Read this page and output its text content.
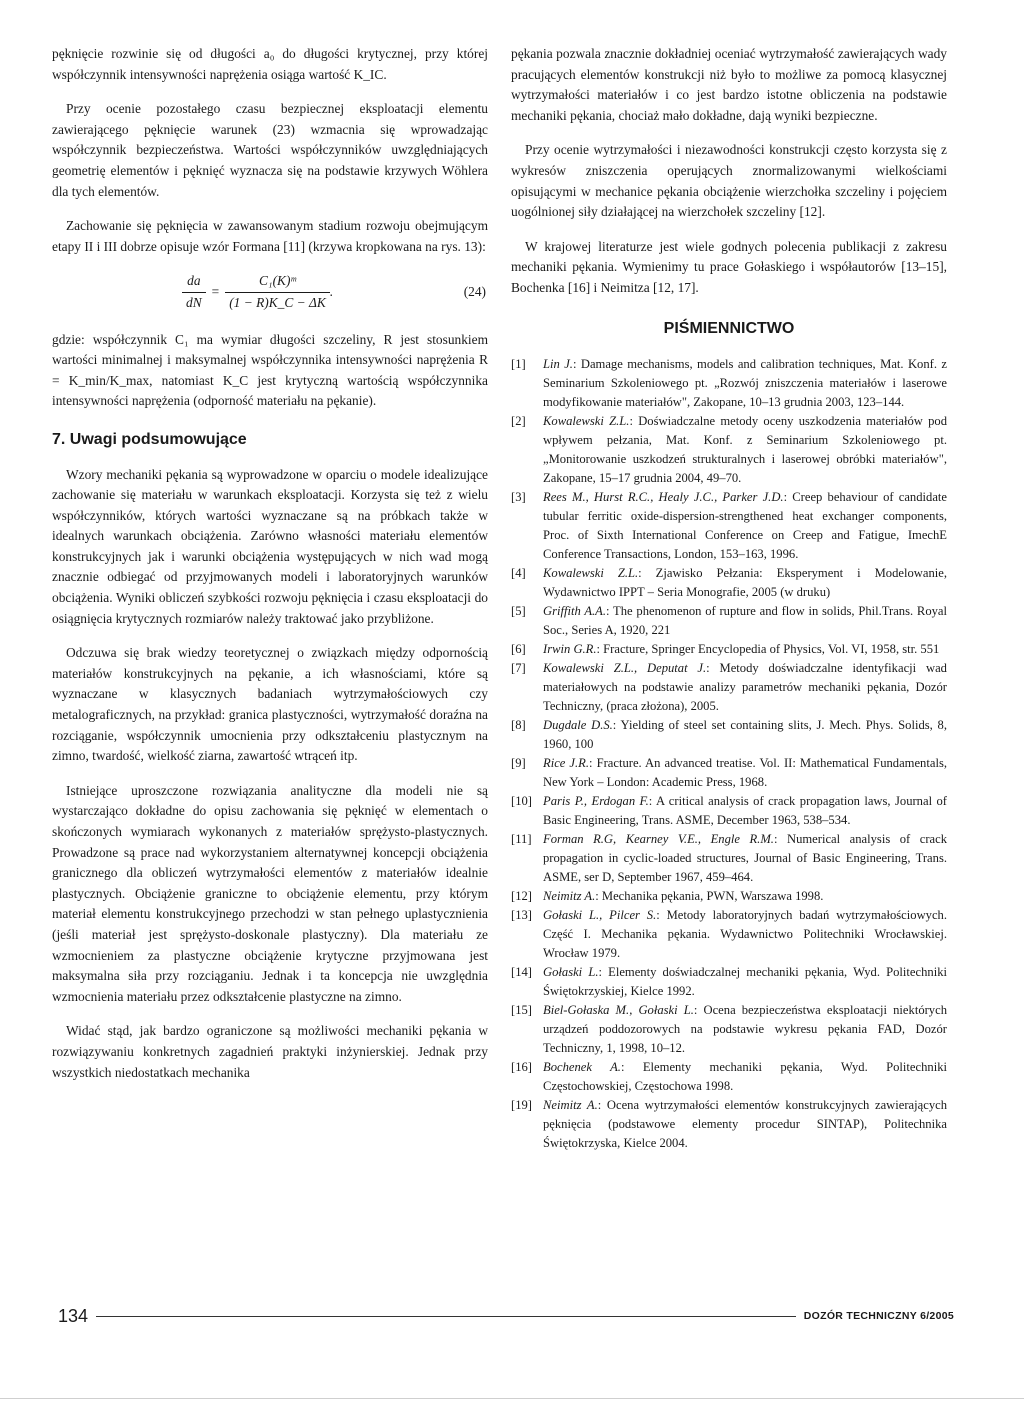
pęknięcie rozwinie się od długości a₀ do długości krytycznej, przy której współczynnik intensywności naprężenia osiąga wartość K_IC.

Przy ocenie pozostałego czasu bezpiecznej eksploatacji elementu zawierającego pęknięcie warunek (23) wzmacnia się wprowadzając współczynnik bezpieczeństwa. Wartości współczynników uwzględniających geometrię elementów i pęknięć wyznacza się na podstawie krzywych Wöhlera dla tych elementów.

Zachowanie się pęknięcia w zawansowanym stadium rozwoju obejmującym etapy II i III dobrze opisuje wzór Formana [11] (krzywa kropkowana na rys. 13):

$\frac{da}{dN} = \frac{\text{C₁(K)ᵐ}}{(1 - R)K\_C - \Delta K}$ .	(24)

gdzie: współczynnik C₁ ma wymiar długości szczeliny, R jest stosunkiem wartości minimalnej i maksymalnej współczynnika intensywności naprężenia R = K_min/K_max, natomiast K_C jest krytyczną wartością współczynnika intensywności naprężenia (odporność materiału na pękanie).

7. Uwagi podsumowujące

Wzory mechaniki pękania są wyprowadzone w oparciu o modele idealizujące zachowanie się materiału w warunkach eksploatacji. Korzysta się też z wielu współczynników, których wartości wyznaczane są na próbkach także w idealnych warunkach obciążenia. Zarówno własności materiału elementów konstrukcyjnych jak i warunki obciążenia występujących w nich wad mogą znacznie odbiegać od przyjmowanych modeli i laboratoryjnych warunków obciążenia. Wyniki obliczeń szybkości rozwoju pęknięcia i czasu eksploatacji do osiągnięcia krytycznych rozmiarów należy traktować jako przybliżone.

Odczuwa się brak wiedzy teoretycznej o związkach między odpornością materiałów konstrukcyjnych na pękanie, a ich własnościami, które są wyznaczane w klasycznych badaniach wytrzymałościowych czy metalograficznych, na przykład: granica plastyczności, wytrzymałość doraźna na rozciąganie, współczynnik umocnienia przy odkształceniu plastycznym na zimno, twardość, wielkość ziarna, zawartość wtrąceń itp.

Istniejące uproszczone rozwiązania analityczne dla modeli nie są wystarczająco dokładne do opisu zachowania się pęknięć w elementach o skończonych wymiarach wykonanych z materiałów sprężysto-plastycznych. Prowadzone są prace nad wykorzystaniem alternatywnej koncepcji obciążenia granicznego dla obliczeń wytrzymałości elementów z materiałów idealnie plastycznych. Obciążenie graniczne to obciążenie elementu, przy którym materiał elementu konstrukcyjnego przechodzi w stan pełnego uplastycznienia (jeśli materiał jest sprężysto-doskonale plastyczny). Dla materiału ze wzmocnieniem za plastyczne obciążenie krytyczne przyjmowana jest maksymalna siła przy rozciąganiu. Jednak i ta koncepcja nie uwzględnia wzmocnienia materiału przez odkształcenie plastyczne na zimno.

Widać stąd, jak bardzo ograniczone są możliwości mechaniki pękania w rozwiązywaniu konkretnych zagadnień praktyki inżynierskiej. Jednak przy wszystkich niedostatkach mechanika

pękania pozwala znacznie dokładniej oceniać wytrzymałość zawierających wady pracujących elementów konstrukcji niż było to możliwe za pomocą klasycznej wytrzymałości materiałów i co jest bardzo istotne obliczenia na podstawie mechaniki pękania, chociaż mało dokładne, dają wyniki bezpieczne.

Przy ocenie wytrzymałości i niezawodności konstrukcji często korzysta się z wykresów zniszczenia operujących znormalizowanymi wielkościami opisującymi w mechanice pękania obciążenie wierzchołka szczeliny i pojęciem uogólnionej siły działającej na wierzchołek szczeliny [12].

W krajowej literaturze jest wiele godnych polecenia publikacji z zakresu mechaniki pękania. Wymienimy tu prace Gołaskiego i współautorów [13–15], Bochenka [16] i Neimitza [12, 17].

PIŚMIENNICTWO
[1]	Lin J.: Damage mechanisms, models and calibration techniques, Mat. Konf. z Seminarium Szkoleniowego pt. „Rozwój zniszczenia materiałów i laserowe modyfikowanie materiałów", Zakopane, 10–13 grudnia 2003, 123–144.
[2]	Kowalewski Z.L.: Doświadczalne metody oceny uszkodzenia materiałów pod wpływem pełzania, Mat. Konf. z Seminarium Szkoleniowego pt. „Monitorowanie uszkodzeń strukturalnych i laserowej obróbki materiałów", Zakopane, 15–17 grudnia 2004, 49–70.
[3]	Rees M., Hurst R.C., Healy J.C., Parker J.D.: Creep behaviour of candidate tubular ferritic oxide-dispersion-strengthened heat exchanger components, Proc. of Sixth International Conference on Creep and Fatigue, ImechE Conference Transactions, London, 153–163, 1996.
[4]	Kowalewski Z.L.: Zjawisko Pełzania: Eksperyment i Modelowanie, Wydawnictwo IPPT – Seria Monografie, 2005 (w druku)
[5]	Griffith A.A.: The phenomenon of rupture and flow in solids, Phil.Trans. Royal Soc., Series A, 1920, 221
[6]	Irwin G.R.: Fracture, Springer Encyclopedia of Physics, Vol. VI, 1958, str. 551
[7]	Kowalewski Z.L., Deputat J.: Metody doświadczalne identyfikacji wad materiałowych na podstawie analizy parametrów mechaniki pękania, Dozór Techniczny, (praca złożona), 2005.
[8]	Dugdale D.S.: Yielding of steel set containing slits, J. Mech. Phys. Solids, 8, 1960, 100
[9]	Rice J.R.: Fracture. An advanced treatise. Vol. II: Mathematical Fundamentals, New York – London: Academic Press, 1968.
[10] Paris P., Erdogan F.: A critical analysis of crack propagation laws, Journal of Basic Engineering, Trans. ASME, December 1963, 538–534.
[11] Forman R.G, Kearney V.E., Engle R.M.: Numerical analysis of crack propagation in cyclic-loaded structures, Journal of Basic Engineering, Trans. ASME, ser D, September 1967, 459–464.
[12] Neimitz A.: Mechanika pękania, PWN, Warszawa 1998.
[13] Gołaski L., Pilcer S.: Metody laboratoryjnych badań wytrzymałościowych. Część I. Mechanika pękania. Wydawnictwo Politechniki Wrocławskiej. Wrocław 1979.
[14] Gołaski L.: Elementy doświadczalnej mechaniki pękania, Wyd. Politechniki Świętokrzyskiej, Kielce 1992.
[15] Biel-Gołaska M., Gołaski L.: Ocena bezpieczeństwa eksploatacji niektórych urządzeń poddozorowych na podstawie wykresu pękania FAD, Dozór Techniczny, 1, 1998, 10–12.
[16] Bochenek A.: Elementy mechaniki pękania, Wyd. Politechniki Częstochowskiej, Częstochowa 1998.
[19] Neimitz A.: Ocena wytrzymałości elementów konstrukcyjnych zawierających pęknięcia (podstawowe elementy procedur SINTAP), Politechnika Świętokrzyska, Kielce 2004.
134	DOZÓR TECHNICZNY 6/2005
